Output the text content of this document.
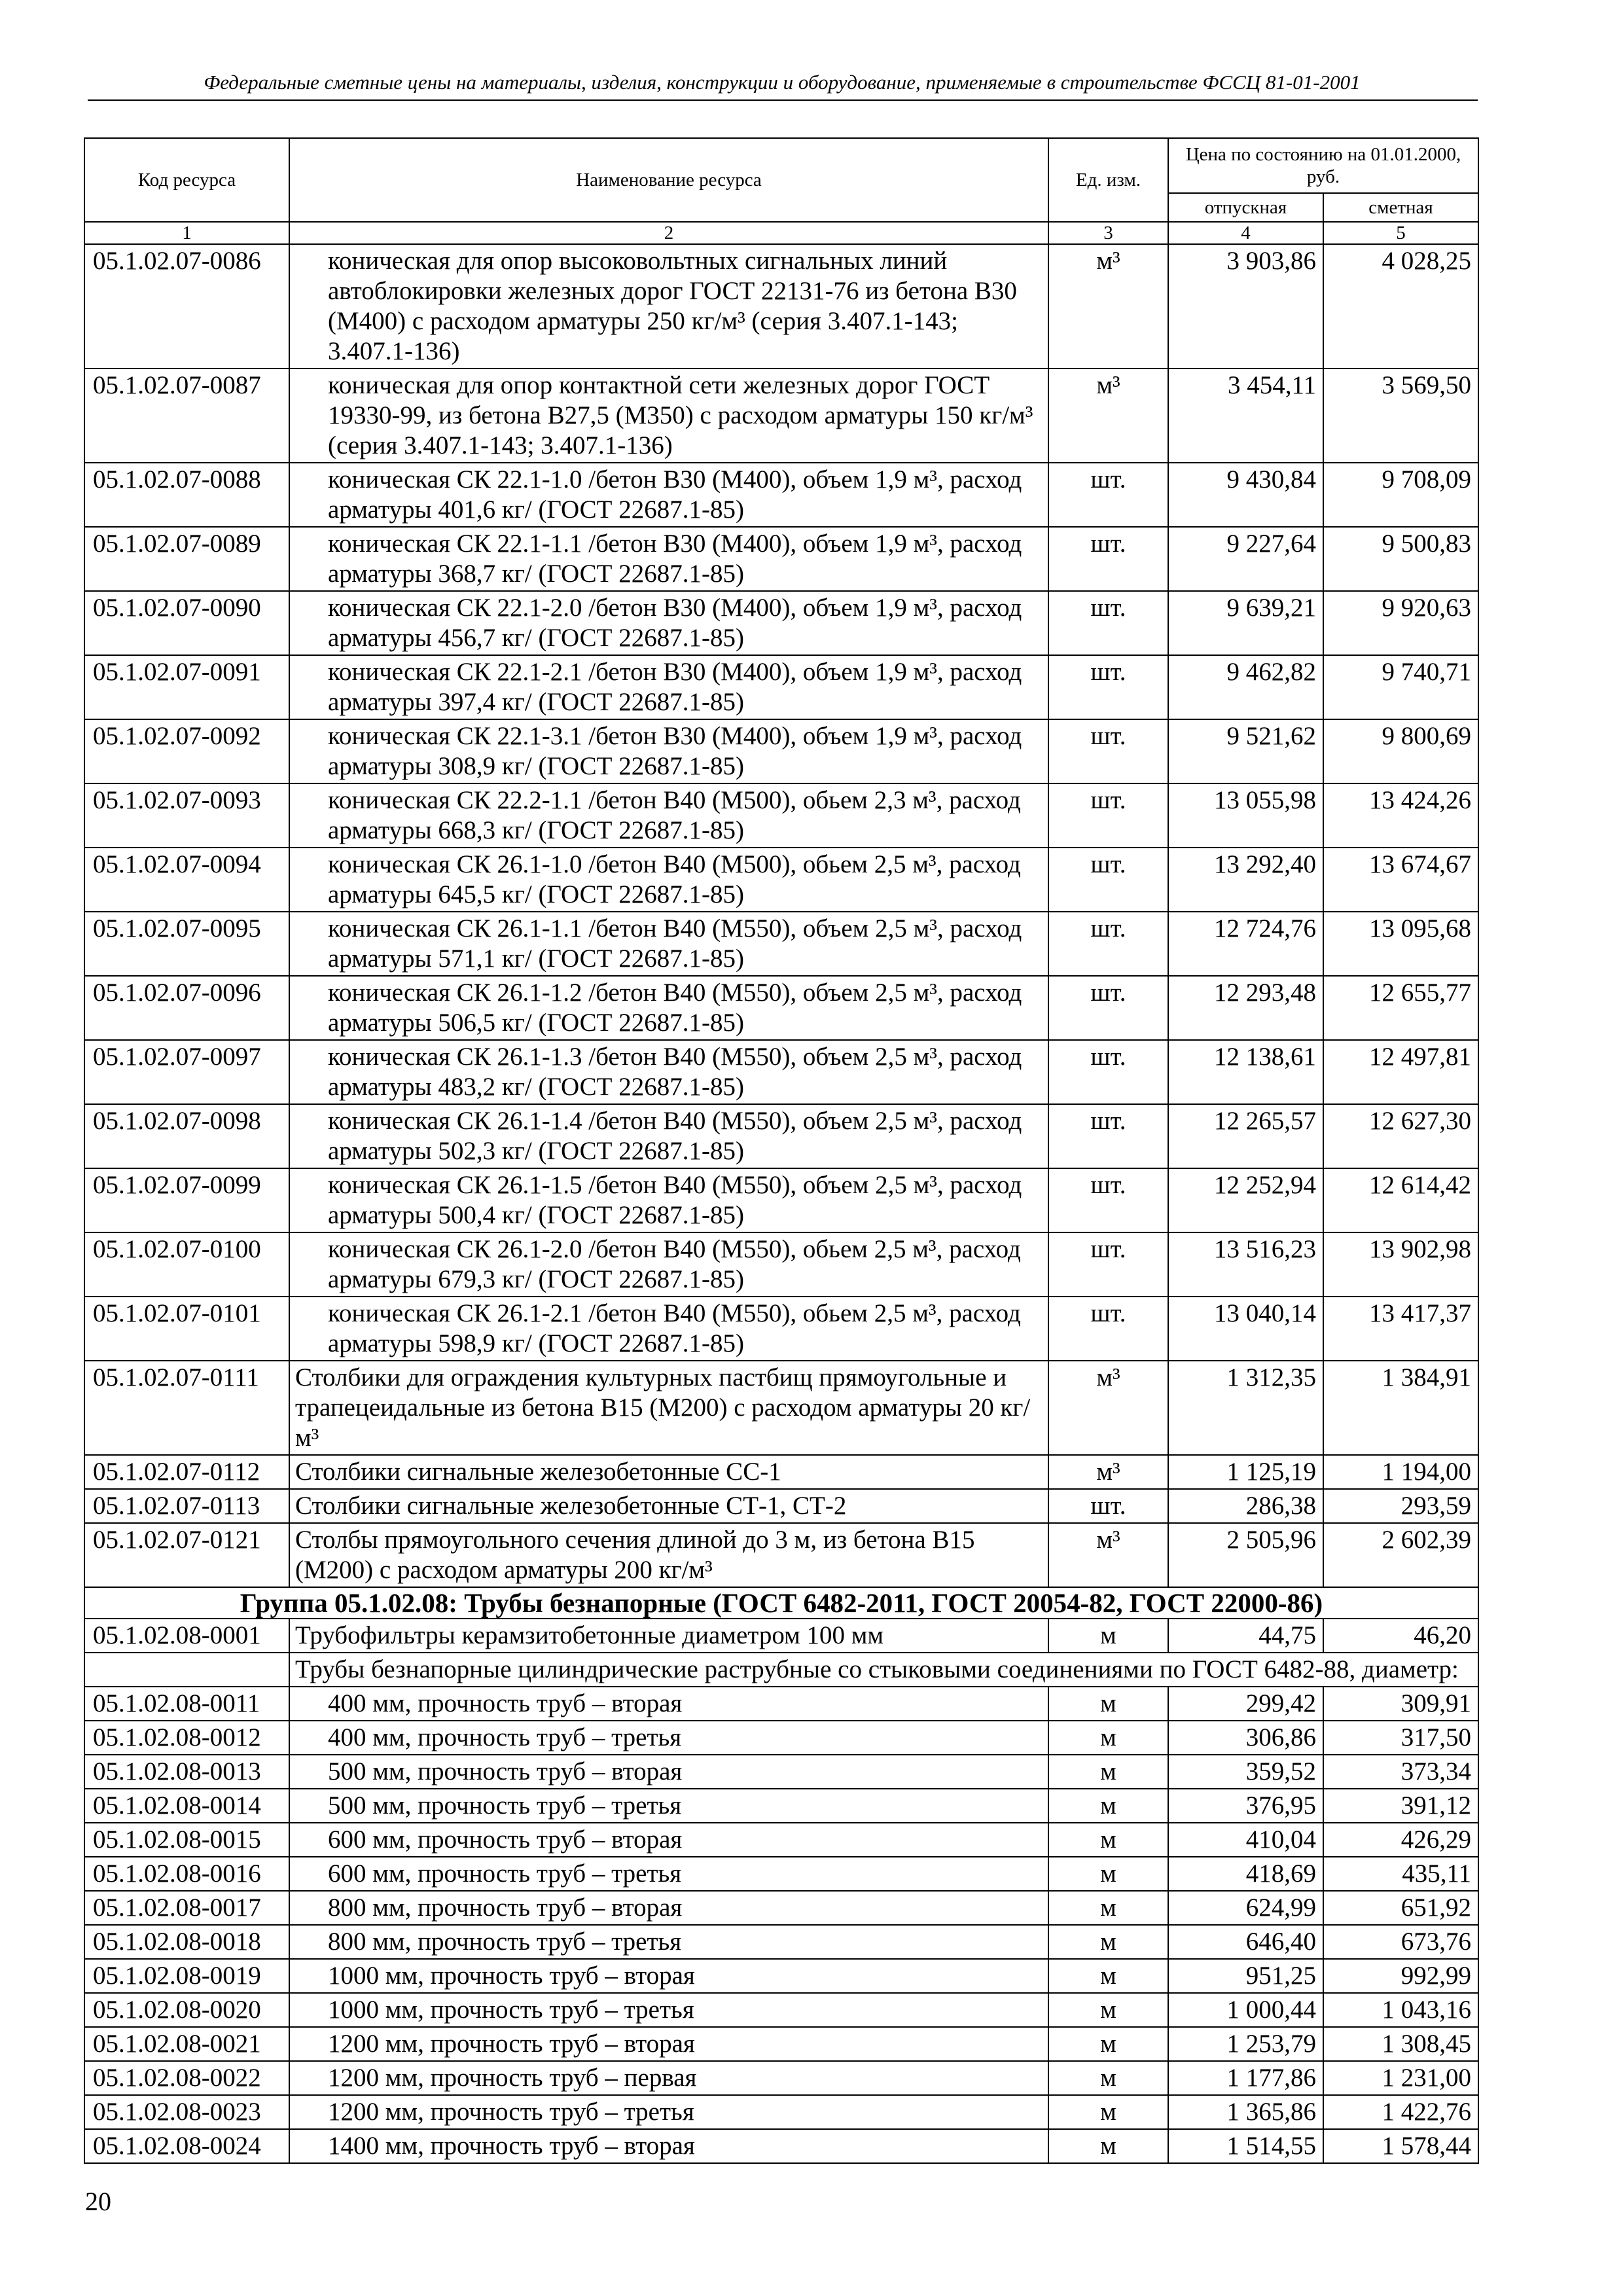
Федеральные сметные цены на материалы, изделия, конструкции и оборудование, применяемые в строительстве ФССЦ 81-01-2001
Код ресурса	Наименование ресурса	Ед. изм.	Цена по состоянию на 01.01.2000, руб.	
			отпускная	сметная
1	2	3	4	5
05.1.02.07-0086	коническая для опор высоковольтных сигнальных линий автоблокировки железных дорог ГОСТ 22131-76 из бетона В30 (М400) с расходом арматуры 250 кг/м³ (серия 3.407.1-143; 3.407.1-136)	м³	3 903,86	4 028,25
05.1.02.07-0087	коническая для опор контактной сети железных дорог ГОСТ 19330-99, из бетона В27,5 (М350) с расходом арматуры 150 кг/м³ (серия 3.407.1-143; 3.407.1-136)	м³	3 454,11	3 569,50
05.1.02.07-0088	коническая СК 22.1-1.0 /бетон В30 (М400), объем 1,9 м³, расход арматуры 401,6 кг/ (ГОСТ 22687.1-85)	шт.	9 430,84	9 708,09
05.1.02.07-0089	коническая СК 22.1-1.1 /бетон В30 (М400), объем 1,9 м³, расход арматуры 368,7 кг/ (ГОСТ 22687.1-85)	шт.	9 227,64	9 500,83
05.1.02.07-0090	коническая СК 22.1-2.0 /бетон В30 (М400), объем 1,9 м³, расход арматуры 456,7 кг/ (ГОСТ 22687.1-85)	шт.	9 639,21	9 920,63
05.1.02.07-0091	коническая СК 22.1-2.1 /бетон В30 (М400), объем 1,9 м³, расход арматуры 397,4 кг/ (ГОСТ 22687.1-85)	шт.	9 462,82	9 740,71
05.1.02.07-0092	коническая СК 22.1-3.1 /бетон В30 (М400), объем 1,9 м³, расход арматуры 308,9 кг/ (ГОСТ 22687.1-85)	шт.	9 521,62	9 800,69
05.1.02.07-0093	коническая СК 22.2-1.1 /бетон В40 (М500), обьем 2,3 м³, расход арматуры 668,3 кг/ (ГОСТ 22687.1-85)	шт.	13 055,98	13 424,26
05.1.02.07-0094	коническая СК 26.1-1.0 /бетон В40 (М500), обьем 2,5 м³, расход арматуры 645,5 кг/ (ГОСТ 22687.1-85)	шт.	13 292,40	13 674,67
05.1.02.07-0095	коническая СК 26.1-1.1 /бетон В40 (М550), объем 2,5 м³, расход арматуры 571,1 кг/ (ГОСТ 22687.1-85)	шт.	12 724,76	13 095,68
05.1.02.07-0096	коническая СК 26.1-1.2 /бетон В40 (М550), объем 2,5 м³, расход арматуры 506,5 кг/ (ГОСТ 22687.1-85)	шт.	12 293,48	12 655,77
05.1.02.07-0097	коническая СК 26.1-1.3 /бетон В40 (М550), объем 2,5 м³, расход арматуры 483,2 кг/ (ГОСТ 22687.1-85)	шт.	12 138,61	12 497,81
05.1.02.07-0098	коническая СК 26.1-1.4 /бетон В40 (М550), объем 2,5 м³, расход арматуры 502,3 кг/ (ГОСТ 22687.1-85)	шт.	12 265,57	12 627,30
05.1.02.07-0099	коническая СК 26.1-1.5 /бетон В40 (М550), объем 2,5 м³, расход арматуры 500,4 кг/ (ГОСТ 22687.1-85)	шт.	12 252,94	12 614,42
05.1.02.07-0100	коническая СК 26.1-2.0 /бетон В40 (М550), обьем 2,5 м³, расход арматуры 679,3 кг/ (ГОСТ 22687.1-85)	шт.	13 516,23	13 902,98
05.1.02.07-0101	коническая СК 26.1-2.1 /бетон В40 (М550), обьем 2,5 м³, расход арматуры 598,9 кг/ (ГОСТ 22687.1-85)	шт.	13 040,14	13 417,37
05.1.02.07-0111	Столбики для ограждения культурных пастбищ прямоугольные и трапецеидальные из бетона В15 (М200) с расходом арматуры 20 кг/м³	м³	1 312,35	1 384,91
05.1.02.07-0112	Столбики сигнальные железобетонные СС-1	м³	1 125,19	1 194,00
05.1.02.07-0113	Столбики сигнальные железобетонные СТ-1, СТ-2	шт.	286,38	293,59
05.1.02.07-0121	Столбы прямоугольного сечения длиной до 3 м, из бетона В15 (М200) с расходом арматуры 200 кг/м³	м³	2 505,96	2 602,39
Группа 05.1.02.08: Трубы безнапорные (ГОСТ 6482-2011, ГОСТ 20054-82, ГОСТ 22000-86)				
05.1.02.08-0001	Трубофильтры керамзитобетонные диаметром 100 мм	м	44,75	46,20
	Трубы безнапорные цилиндрические раструбные со стыковыми соединениями по ГОСТ 6482-88, диаметр:			
05.1.02.08-0011	400 мм, прочность труб – вторая	м	299,42	309,91
05.1.02.08-0012	400 мм, прочность труб – третья	м	306,86	317,50
05.1.02.08-0013	500 мм, прочность труб – вторая	м	359,52	373,34
05.1.02.08-0014	500 мм, прочность труб – третья	м	376,95	391,12
05.1.02.08-0015	600 мм, прочность труб – вторая	м	410,04	426,29
05.1.02.08-0016	600 мм, прочность труб – третья	м	418,69	435,11
05.1.02.08-0017	800 мм, прочность труб – вторая	м	624,99	651,92
05.1.02.08-0018	800 мм, прочность труб – третья	м	646,40	673,76
05.1.02.08-0019	1000 мм, прочность труб – вторая	м	951,25	992,99
05.1.02.08-0020	1000 мм, прочность труб – третья	м	1 000,44	1 043,16
05.1.02.08-0021	1200 мм, прочность труб – вторая	м	1 253,79	1 308,45
05.1.02.08-0022	1200 мм, прочность труб – первая	м	1 177,86	1 231,00
05.1.02.08-0023	1200 мм, прочность труб – третья	м	1 365,86	1 422,76
05.1.02.08-0024	1400 мм, прочность труб – вторая	м	1 514,55	1 578,44
20
